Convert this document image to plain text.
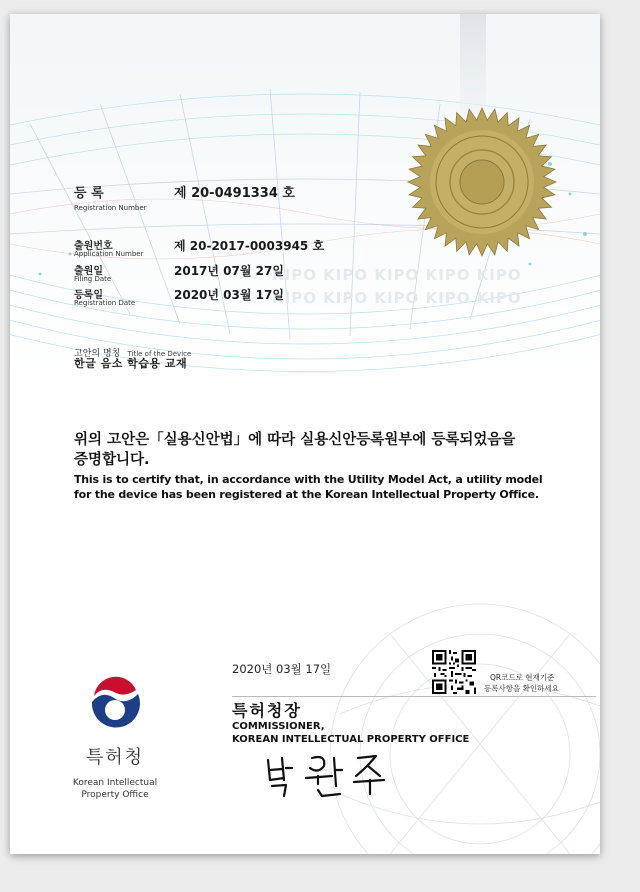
KIPO KIPO KIPO KIPO KIPO
KIPO KIPO KIPO KIPO KIPO
등 록
Registration Number
제 20-0491334 호
출원번호
Application Number
제 20-2017-0003945 호
출원일
Filing Date
2017년 07월 27일
등록일
Registration Date
2020년 03월 17일
고안의 명칭 Title of the Device
한글 음소 학습용 교재
위의 고안은「실용신안법」에 따라 실용신안등록원부에 등록되었음을
증명합니다.
This is to certify that, in accordance with the Utility Model Act, a utility model
for the device has been registered at the Korean Intellectual Property Office.
2020년 03월 17일
QR코드로 현재기준
등록사항을 확인하세요
특허청장
COMMISSIONER,
KOREAN INTELLECTUAL PROPERTY OFFICE
특허청
Korean Intellectual
Property Office
